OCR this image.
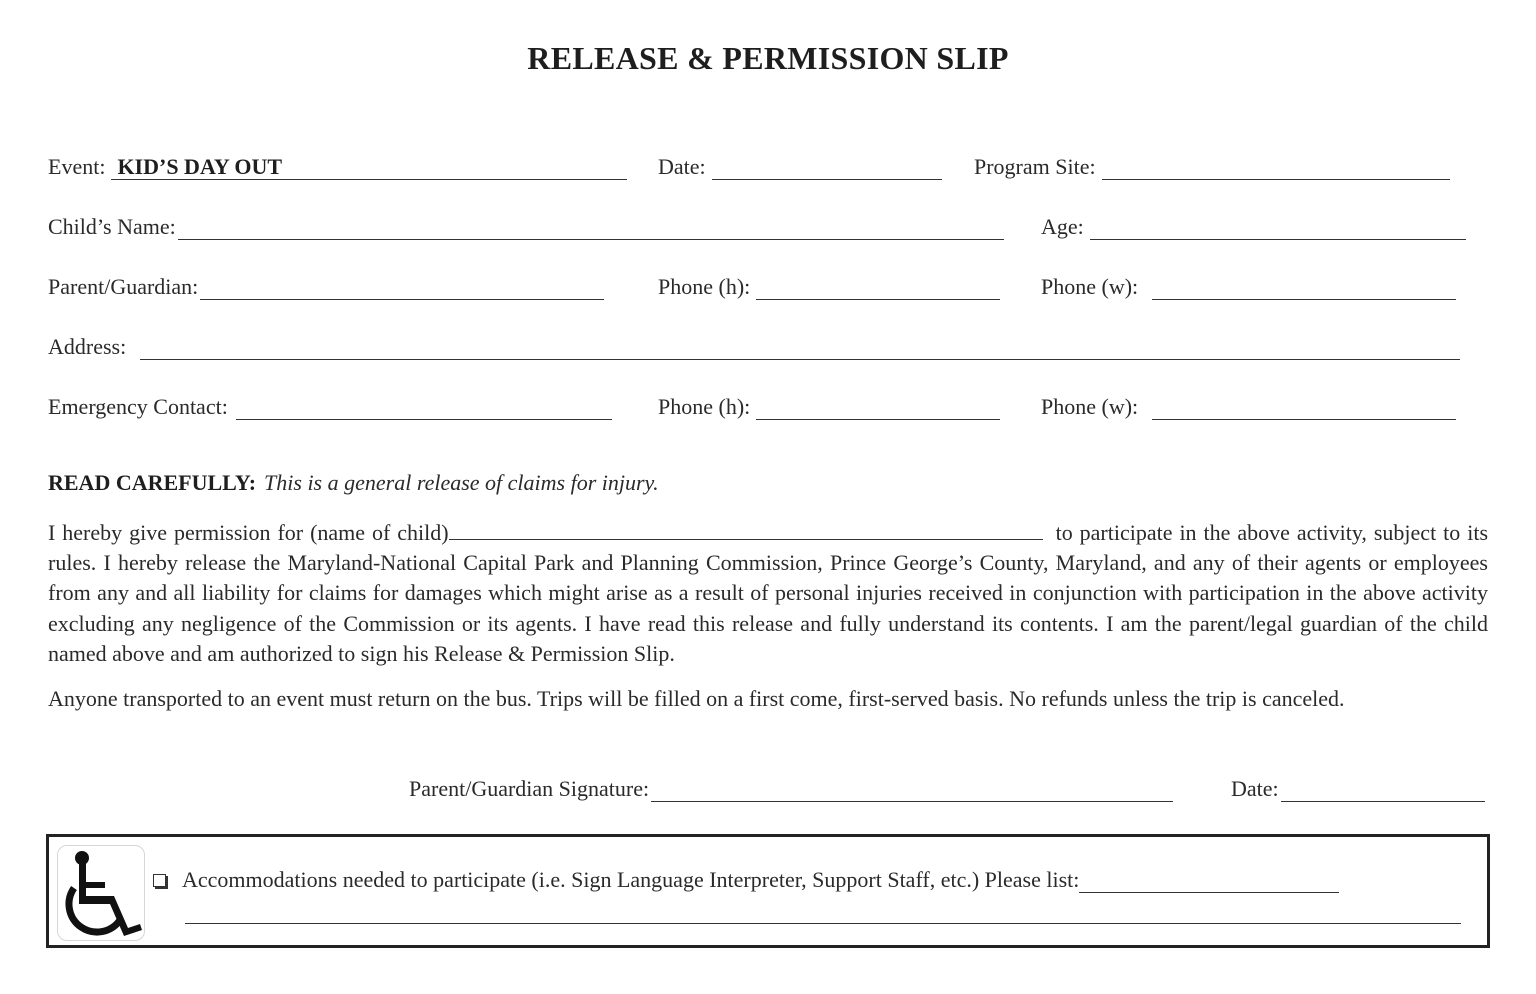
RELEASE & PERMISSION SLIP
Event: KID’S DAY OUT	Date:	Program Site:
Child’s Name:	Age:
Parent/Guardian:	Phone (h):	Phone (w):
Address:
Emergency Contact:	Phone (h):	Phone (w):
READ CAREFULLY: This is a general release of claims for injury.
I hereby give permission for (name of child)	to participate in the above activity, subject to its rules. I hereby release the Maryland-National Capital Park and Planning Commission, Prince George’s County, Maryland, and any of their agents or employees from any and all liability for claims for damages which might arise as a result of personal injuries received in conjunction with participation in the above activity excluding any negligence of the Commission or its agents. I have read this release and fully understand its contents. I am the parent/legal guardian of the child named above and am authorized to sign his Release & Permission Slip.
Anyone transported to an event must return on the bus. Trips will be filled on a first come, first-served basis. No refunds unless the trip is canceled.
Parent/Guardian Signature:	Date:
Accommodations needed to participate (i.e. Sign Language Interpreter, Support Staff, etc.) Please list:
